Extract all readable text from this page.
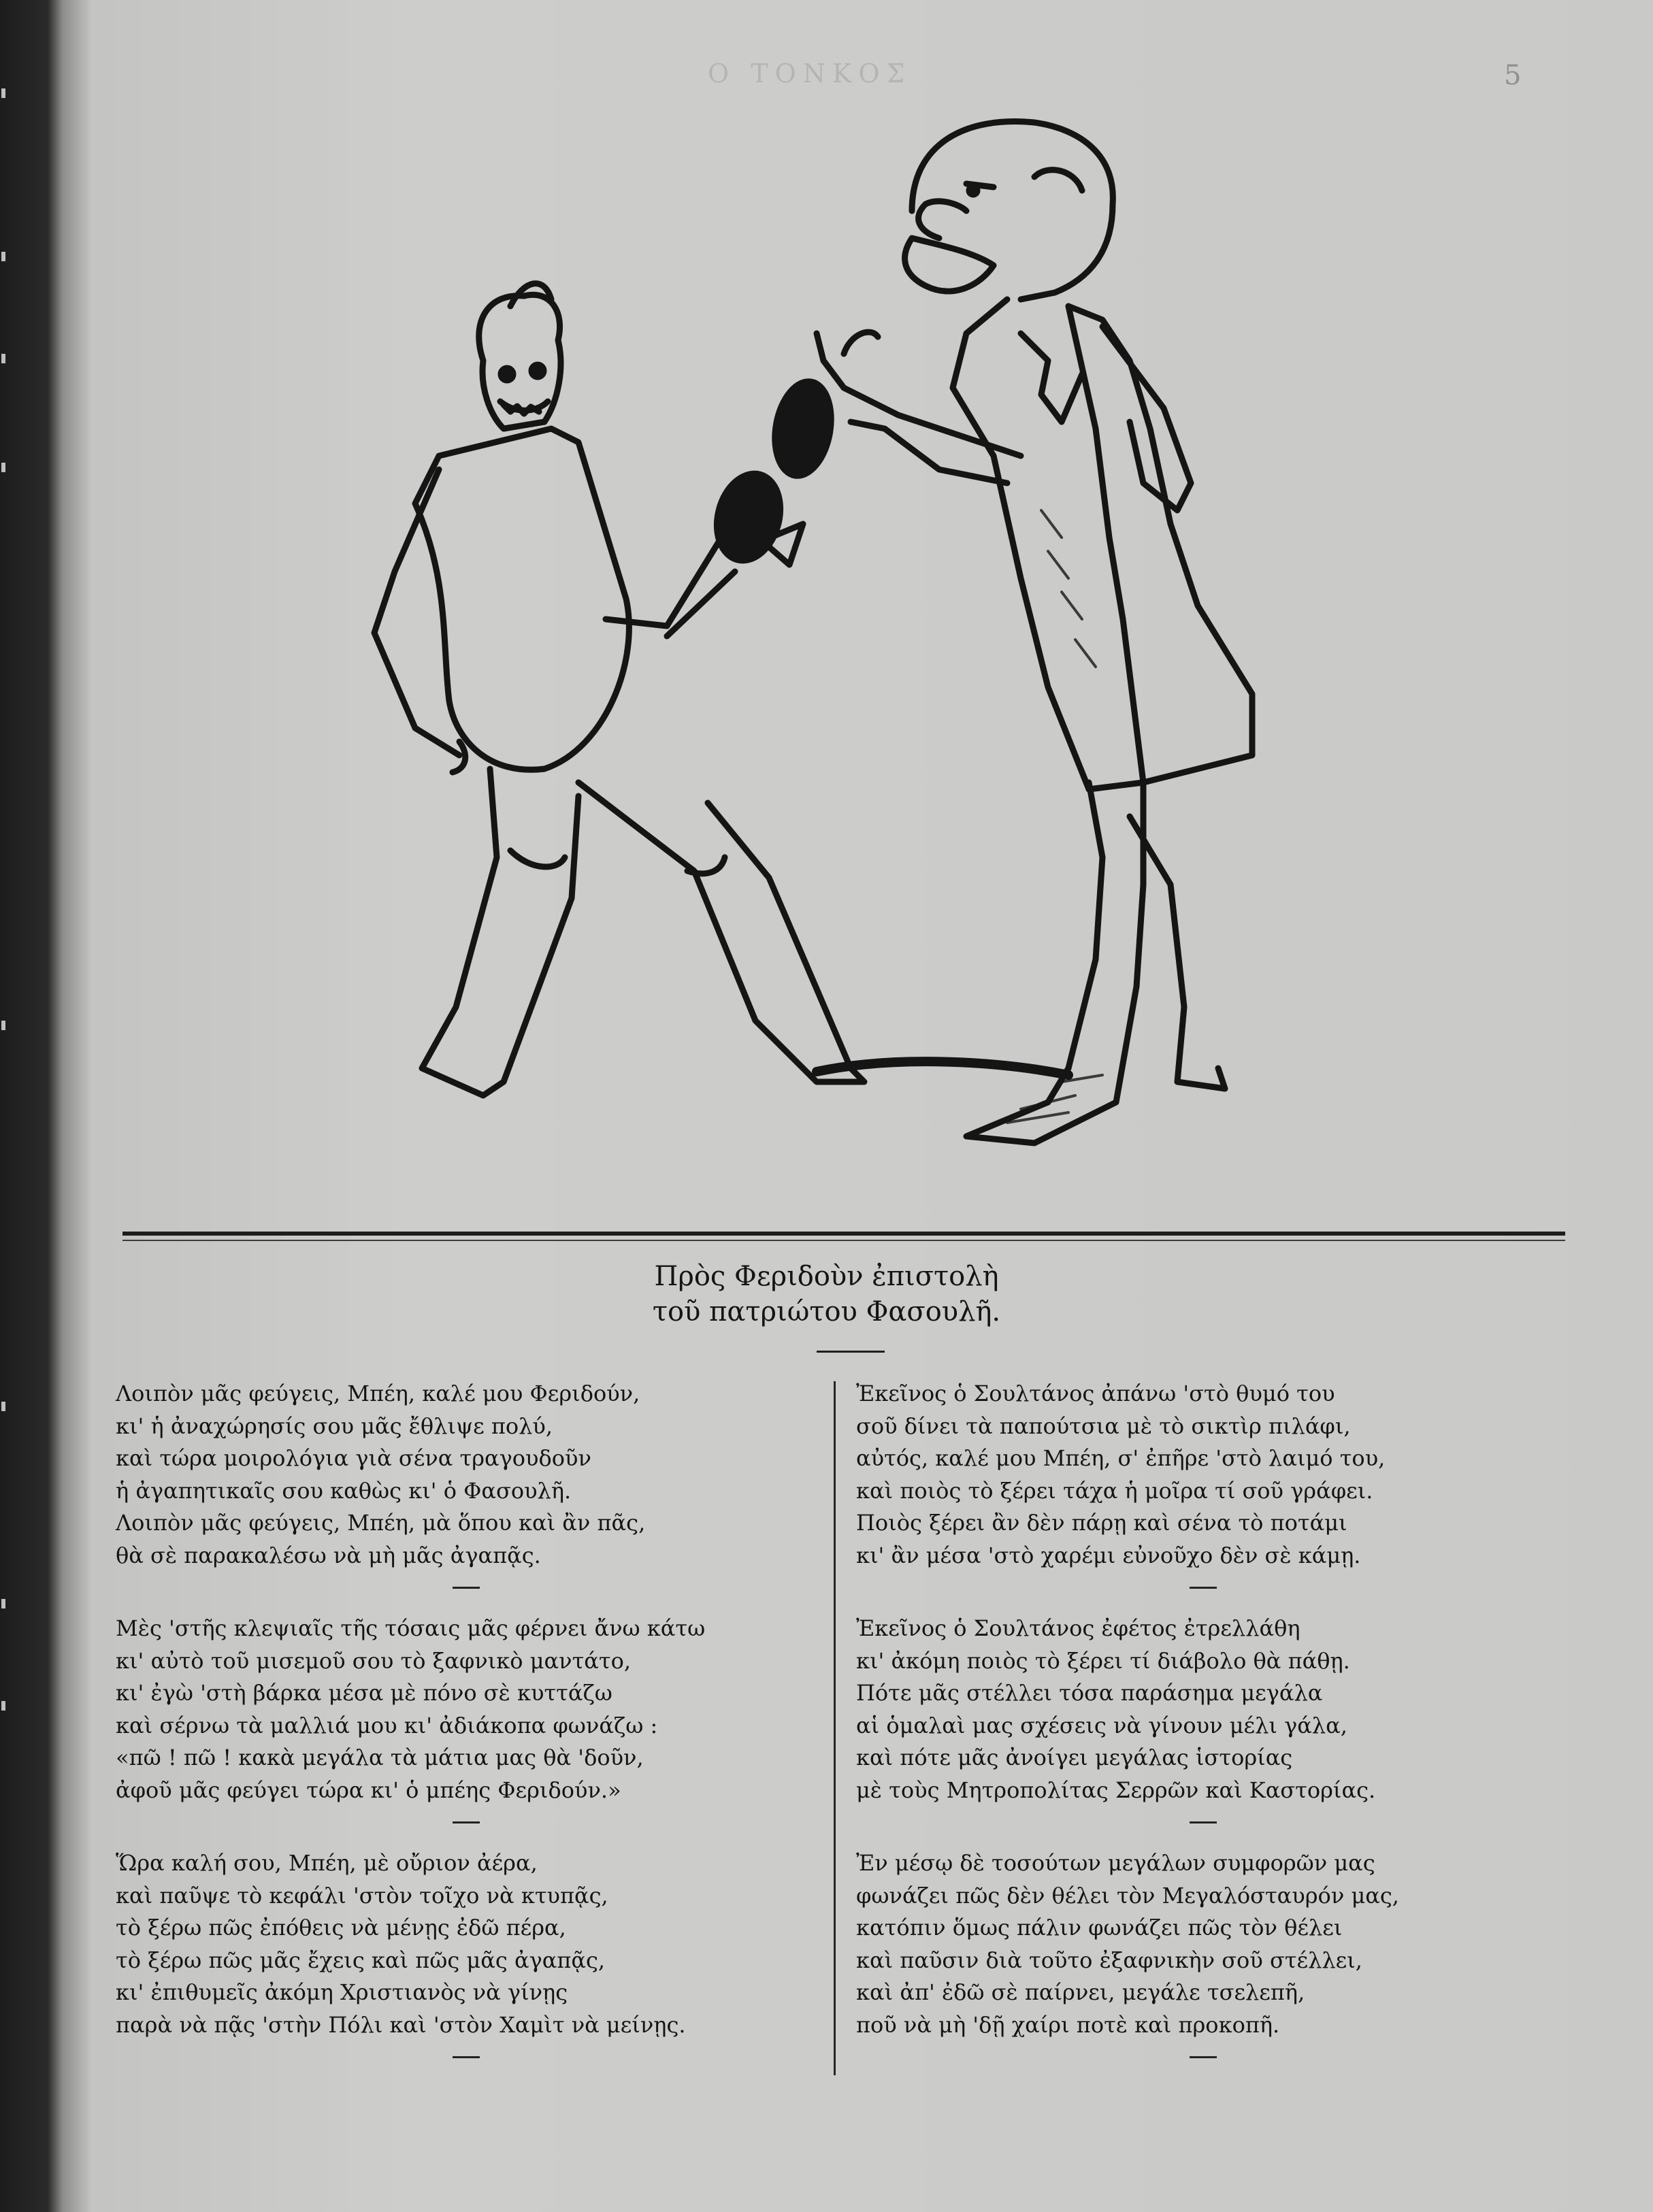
Ο ΤΟΝΚΟΣ	5
Πρὸς Φεριδοὺν ἐπιστολὴ
τοῦ πατριώτου Φασουλῆ.
Λοιπὸν μᾶς φεύγεις, Μπέη, καλέ μου Φεριδούν,
κι' ἡ ἀναχώρησίς σου μᾶς ἔθλιψε πολύ,
καὶ τώρα μοιρολόγια γιὰ σένα τραγουδοῦν
ἡ ἀγαπητικαῖς σου καθὼς κι' ὁ Φασουλῆ.
Λοιπὸν μᾶς φεύγεις, Μπέη, μὰ ὅπου καὶ ἂν πᾶς,
θὰ σὲ παρακαλέσω νὰ μὴ μᾶς ἀγαπᾷς.
Μὲς 'στῆς κλεψιαῖς τῆς τόσαις μᾶς φέρνει ἄνω κάτω
κι' αὐτὸ τοῦ μισεμοῦ σου τὸ ξαφνικὸ μαντάτο,
κι' ἐγὼ 'στὴ βάρκα μέσα μὲ πόνο σὲ κυττάζω
καὶ σέρνω τὰ μαλλιά μου κι' ἀδιάκοπα φωνάζω :
«πῶ ! πῶ ! κακὰ μεγάλα τὰ μάτια μας θὰ 'δοῦν,
ἀφοῦ μᾶς φεύγει τώρα κι' ὁ μπέης Φεριδούν.»
Ὥρα καλή σου, Μπέη, μὲ οὔριον ἀέρα,
καὶ παῦψε τὸ κεφάλι 'στὸν τοῖχο νὰ κτυπᾷς,
τὸ ξέρω πῶς ἐπόθεις νὰ μένῃς ἐδῶ πέρα,
τὸ ξέρω πῶς μᾶς ἔχεις καὶ πῶς μᾶς ἀγαπᾷς,
κι' ἐπιθυμεῖς ἀκόμη Χριστιανὸς νὰ γίνῃς
παρὰ νὰ πᾷς 'στὴν Πόλι καὶ 'στὸν Χαμὶτ νὰ μείνῃς.
Ἐκεῖνος ὁ Σουλτάνος ἀπάνω 'στὸ θυμό του
σοῦ δίνει τὰ παπούτσια μὲ τὸ σικτὶρ πιλάφι,
αὐτός, καλέ μου Μπέη, σ' ἐπῆρε 'στὸ λαιμό του,
καὶ ποιὸς τὸ ξέρει τάχα ἡ μοῖρα τί σοῦ γράφει.
Ποιὸς ξέρει ἂν δὲν πάρῃ καὶ σένα τὸ ποτάμι
κι' ἂν μέσα 'στὸ χαρέμι εὐνοῦχο δὲν σὲ κάμῃ.
Ἐκεῖνος ὁ Σουλτάνος ἐφέτος ἐτρελλάθη
κι' ἀκόμη ποιὸς τὸ ξέρει τί διάβολο θὰ πάθῃ.
Πότε μᾶς στέλλει τόσα παράσημα μεγάλα
αἱ ὁμαλαὶ μας σχέσεις νὰ γίνουν μέλι γάλα,
καὶ πότε μᾶς ἀνοίγει μεγάλας ἱστορίας
μὲ τοὺς Μητροπολίτας Σερρῶν καὶ Καστορίας.
Ἐν μέσῳ δὲ τοσούτων μεγάλων συμφορῶν μας
φωνάζει πῶς δὲν θέλει τὸν Μεγαλόσταυρόν μας,
κατόπιν ὅμως πάλιν φωνάζει πῶς τὸν θέλει
καὶ παῦσιν διὰ τοῦτο ἐξαφνικὴν σοῦ στέλλει,
καὶ ἀπ' ἐδῶ σὲ παίρνει, μεγάλε τσελεπῆ,
ποῦ νὰ μὴ 'δῇ χαίρι ποτὲ καὶ προκοπῆ.
